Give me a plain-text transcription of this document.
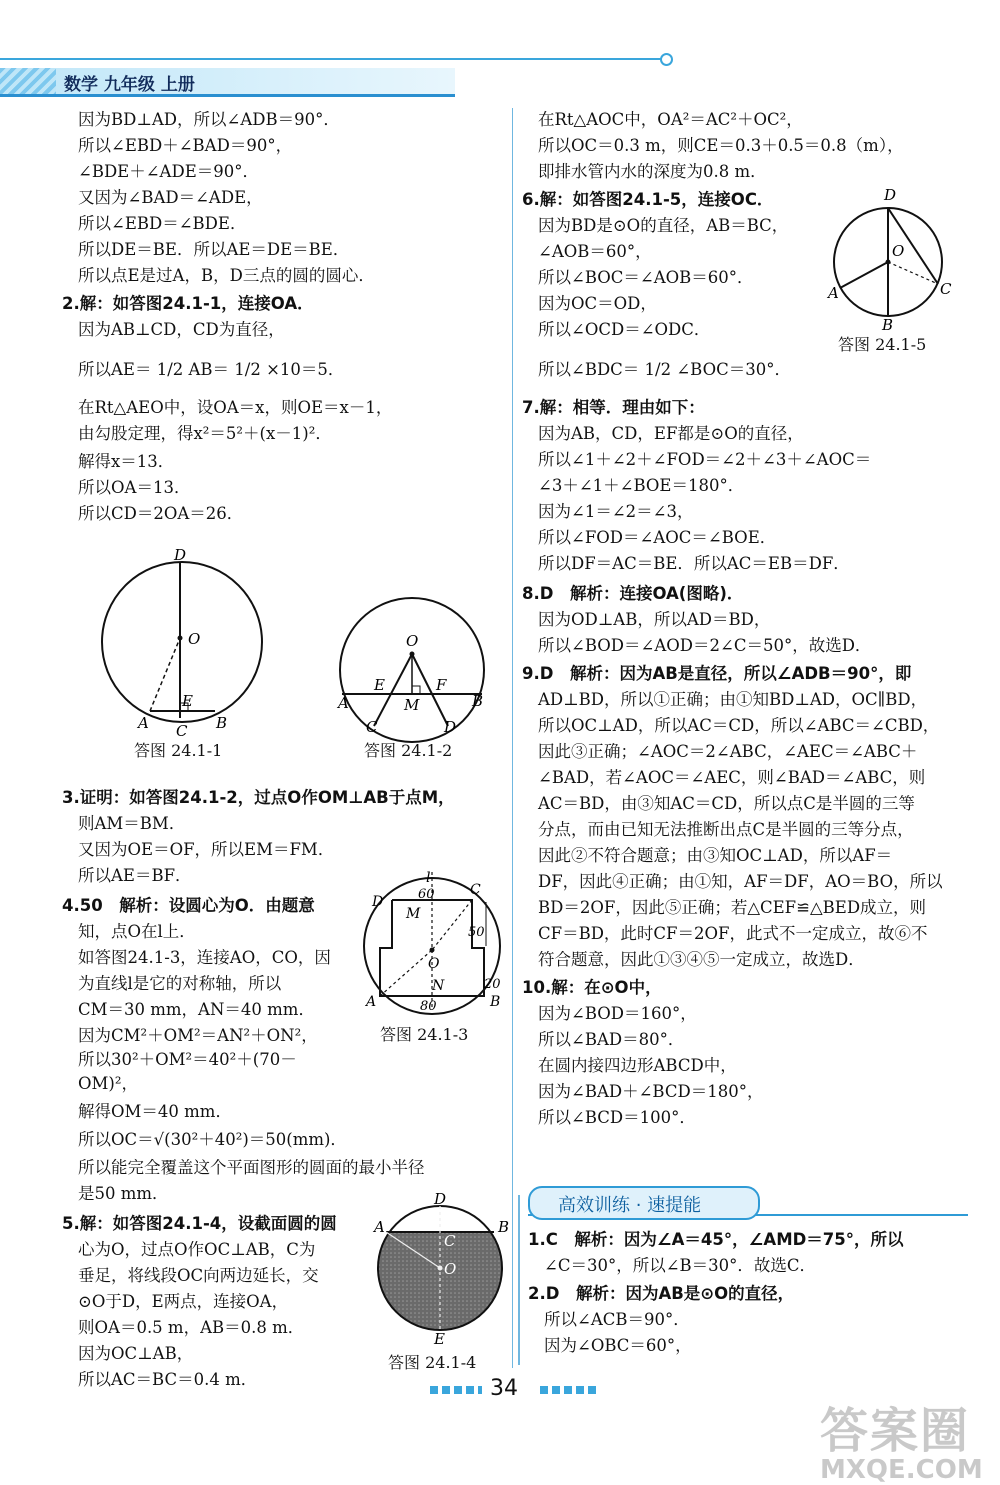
数学 九年级 上册
因为BD⊥AD，所以∠ADB＝90°．
所以∠EBD＋∠BAD＝90°，
∠BDE＋∠ADE＝90°．
又因为∠BAD＝∠ADE，
所以∠EBD＝∠BDE．
所以DE＝BE．所以AE＝DE＝BE．
所以点E是过A，B，D三点的圆的圆心．
2.解：如答图24.1-1，连接OA．
因为AB⊥CD，CD为直径，
所以AE＝ 1/2 AB＝ 1/2 ×10＝5．
在Rt△AEO中，设OA＝x，则OE＝x－1，
由勾股定理，得x²＝5²＋(x－1)²．
解得x＝13．
所以OA＝13．
所以CD＝2OA＝26．
3.证明：如答图24.1-2，过点O作OM⊥AB于点M，
则AM＝BM．
又因为OE＝OF，所以EM＝FM．
所以AE＝BF．
4.50　解析：设圆心为O．由题意
知，点O在l上．
如答图24.1-3，连接AO，CO，因
为直线l是它的对称轴，所以
CM＝30 mm，AN＝40 mm．
因为CM²＋OM²＝AN²＋ON²，
所以30²＋OM²＝40²＋(70－
OM)²，
解得OM＝40 mm．
所以OC＝√(30²＋40²)＝50(mm)．
所以能完全覆盖这个平面图形的圆面的最小半径
是50 mm．
5.解：如答图24.1-4，设截面圆的圆
心为O，过点O作OC⊥AB，C为
垂足，将线段OC向两边延长，交
⊙O于D，E两点，连接OA，
则OA＝0.5 m，AB＝0.8 m．
因为OC⊥AB，
所以AC＝BC＝0.4 m．
在Rt△AOC中，OA²＝AC²＋OC²，
所以OC＝0.3 m，则CE＝0.3＋0.5＝0.8（m），
即排水管内水的深度为0.8 m．
6.解：如答图24.1-5，连接OC．
因为BD是⊙O的直径，AB＝BC，
∠AOB＝60°，
所以∠BOC＝∠AOB＝60°．
因为OC＝OD，
所以∠OCD＝∠ODC．
所以∠BDC＝ 1/2 ∠BOC＝30°．
7.解：相等．理由如下：
因为AB，CD，EF都是⊙O的直径，
所以∠1＋∠2＋∠FOD＝∠2＋∠3＋∠AOC＝
∠3＋∠1＋∠BOE＝180°．
因为∠1＝∠2＝∠3，
所以∠FOD＝∠AOC＝∠BOE．
所以DF＝AC＝BE．所以AC＝EB＝DF．
8.D　解析：连接OA(图略)．
因为OD⊥AB，所以AD＝BD，
所以∠BOD＝∠AOD＝2∠C＝50°，故选D．
9.D　解析：因为AB是直径，所以∠ADB＝90°，即
AD⊥BD，所以①正确；由①知BD⊥AD，OC∥BD，
所以OC⊥AD，所以AC＝CD，所以∠ABC＝∠CBD，
因此③正确；∠AOC＝2∠ABC，∠AEC＝∠ABC＋
∠BAD，若∠AOC＝∠AEC，则∠BAD＝∠ABC，则
AC＝BD，由③知AC＝CD，所以点C是半圆的三等
分点，而由已知无法推断出点C是半圆的三等分点，
因此②不符合题意；由③知OC⊥AD，所以AF＝
DF，因此④正确；由①知，AF＝DF，AO＝BO，所以
BD＝2OF，因此⑤正确；若△CEF≌△BED成立，则
CF＝BD，此时CF＝2OF，此式不一定成立，故⑥不
符合题意，因此①③④⑤一定成立，故选D．
10.解：在⊙O中，
因为∠BOD＝160°，
所以∠BAD＝80°．
在圆内接四边形ABCD中，
因为∠BAD＋∠BCD＝180°，
所以∠BCD＝100°．
1.C　解析：因为∠A＝45°，∠AMD＝75°，所以
∠C＝30°，所以∠B＝30°．故选C．
2.D　解析：因为AB是⊙O的直径，
所以∠ACB＝90°．
因为∠OBC＝60°，
D
O
E
A C B
答图 24.1-1
O
E	F
A	M	B
C	D
答图 24.1-2
l
D	60	C
M
50
O
N	20
A	80	B
答图 24.1-3
D
A
C
B
O
E
答图 24.1-4
D
O
A	C
B
答图 24.1-5
高效训练 · 速提能
34
答案圈
MXQE.COM
